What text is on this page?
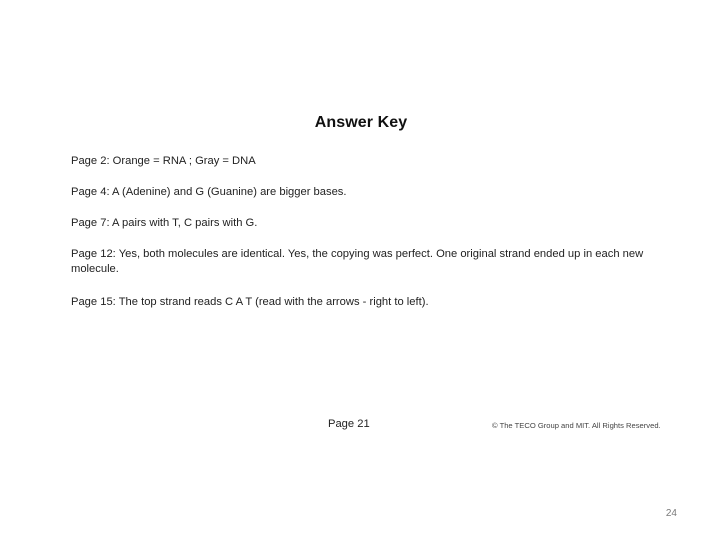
Answer Key

Page 2: Orange = RNA ; Gray = DNA

Page 4: A (Adenine) and G (Guanine) are bigger bases.

Page 7: A pairs with T, C pairs with G.

Page 12: Yes, both molecules are identical. Yes, the copying was perfect. One original strand ended up in each new molecule.

Page 15: The top strand reads C A T (read with the arrows - right to left).

Page 21	© The TECO Group and MIT. All Rights Reserved.
24
